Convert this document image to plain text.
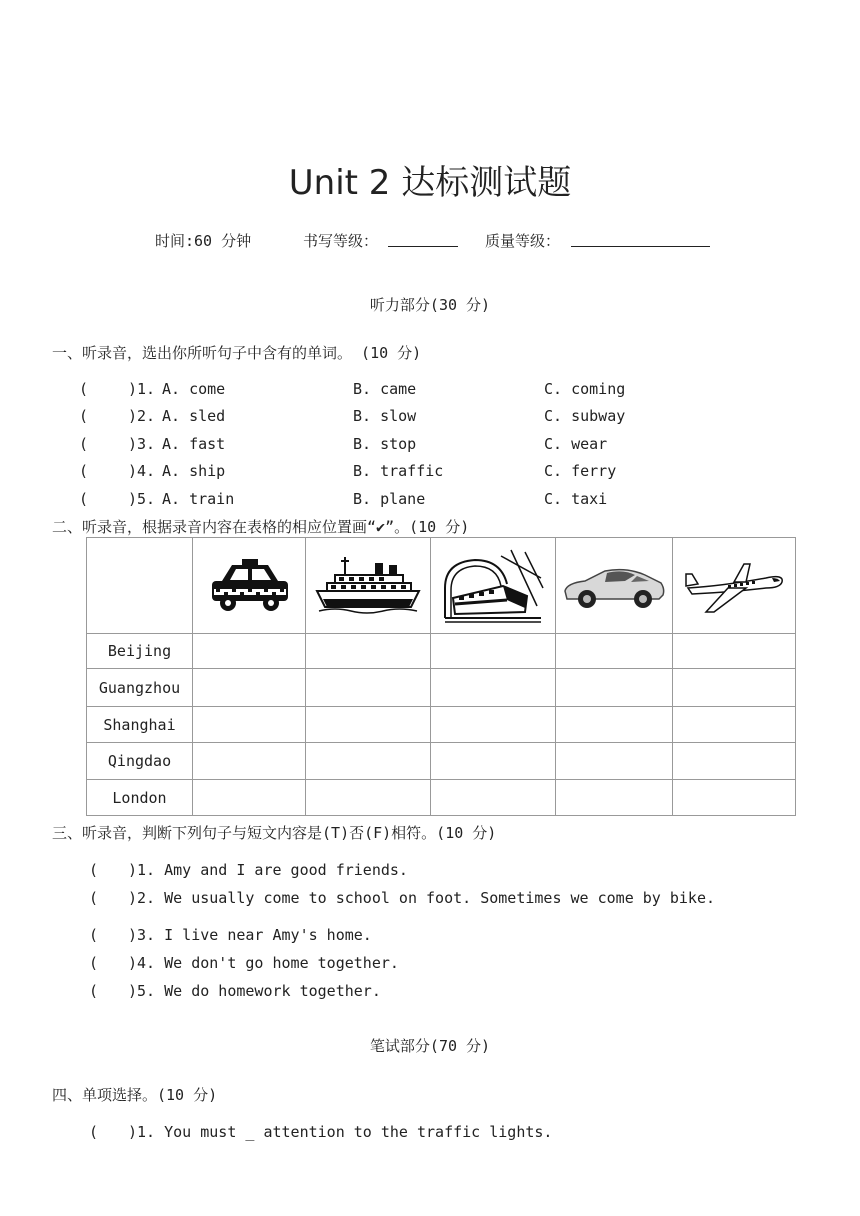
Unit 2 达标测试题
时间:60 分钟	书写等级：	质量等级：
听力部分(30 分)
一、听录音，选出你所听句子中含有的单词。 (10 分)
(	)1. A. come	B. came	C. coming
(	)2. A. sled	B. slow	C. subway
(	)3. A. fast	B. stop	C. wear
(	)4. A. ship	B. traffic	C. ferry
(	)5. A. train	B. plane	C. taxi
二、听录音，根据录音内容在表格的相应位置画“✔”。(10 分)

Beijing					
Guangzhou					
Shanghai					
Qingdao					
London					
三、听录音，判断下列句子与短文内容是(T)否(F)相符。(10 分)
( )1. Amy and I are good friends.
( )2. We usually come to school on foot. Sometimes we come by bike.
( )3. I live near Amy's home.
( )4. We don't go home together.
( )5. We do homework together.
笔试部分(70 分)
四、单项选择。(10 分)
( )1. You must _ attention to the traffic lights.
